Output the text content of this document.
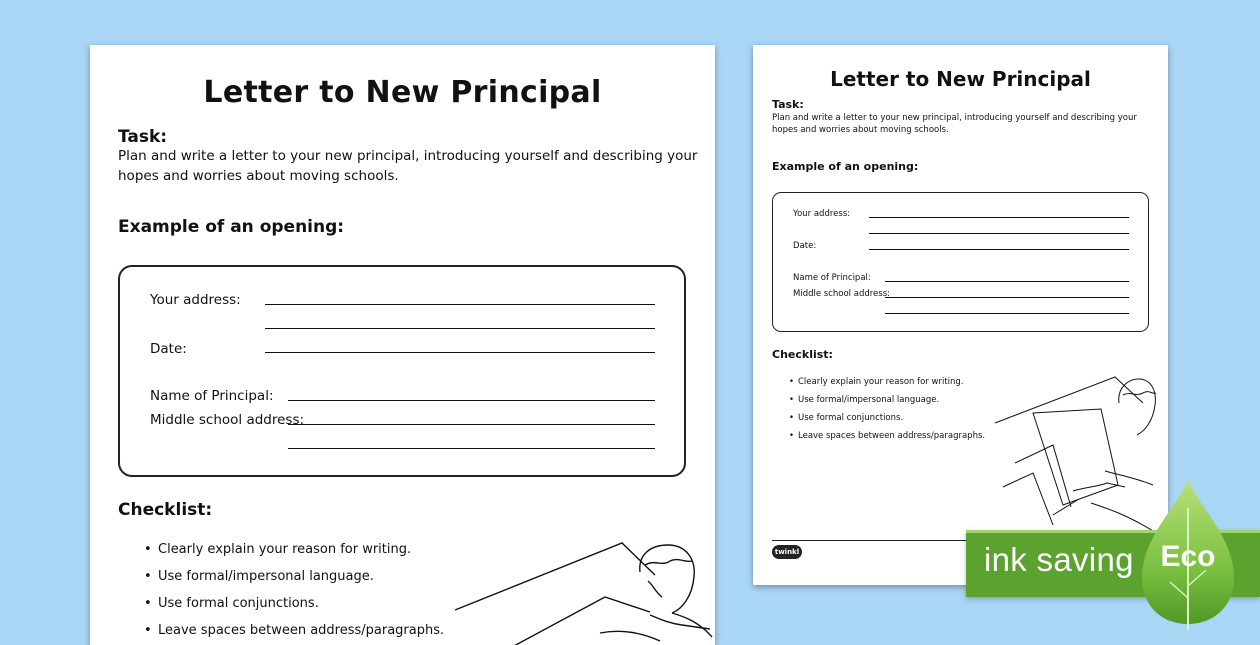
Letter to New Principal
Task:
Plan and write a letter to your new principal, introducing yourself and describing your hopes and worries about moving schools.
Example of an opening:
Your address:
Date:
Name of Principal:
Middle school address:
Checklist:
• Clearly explain your reason for writing.
• Use formal/impersonal language.
• Use formal conjunctions.
• Leave spaces between address/paragraphs.
Letter to New Principal
Task:
Plan and write a letter to your new principal, introducing yourself and describing your hopes and worries about moving schools.
Example of an opening:
Your address:
Date:
Name of Principal:
Middle school address:
Checklist:
• Clearly explain your reason for writing.
• Use formal/impersonal language.
• Use formal conjunctions.
• Leave spaces between address/paragraphs.
twinkl	ink saving Eco
